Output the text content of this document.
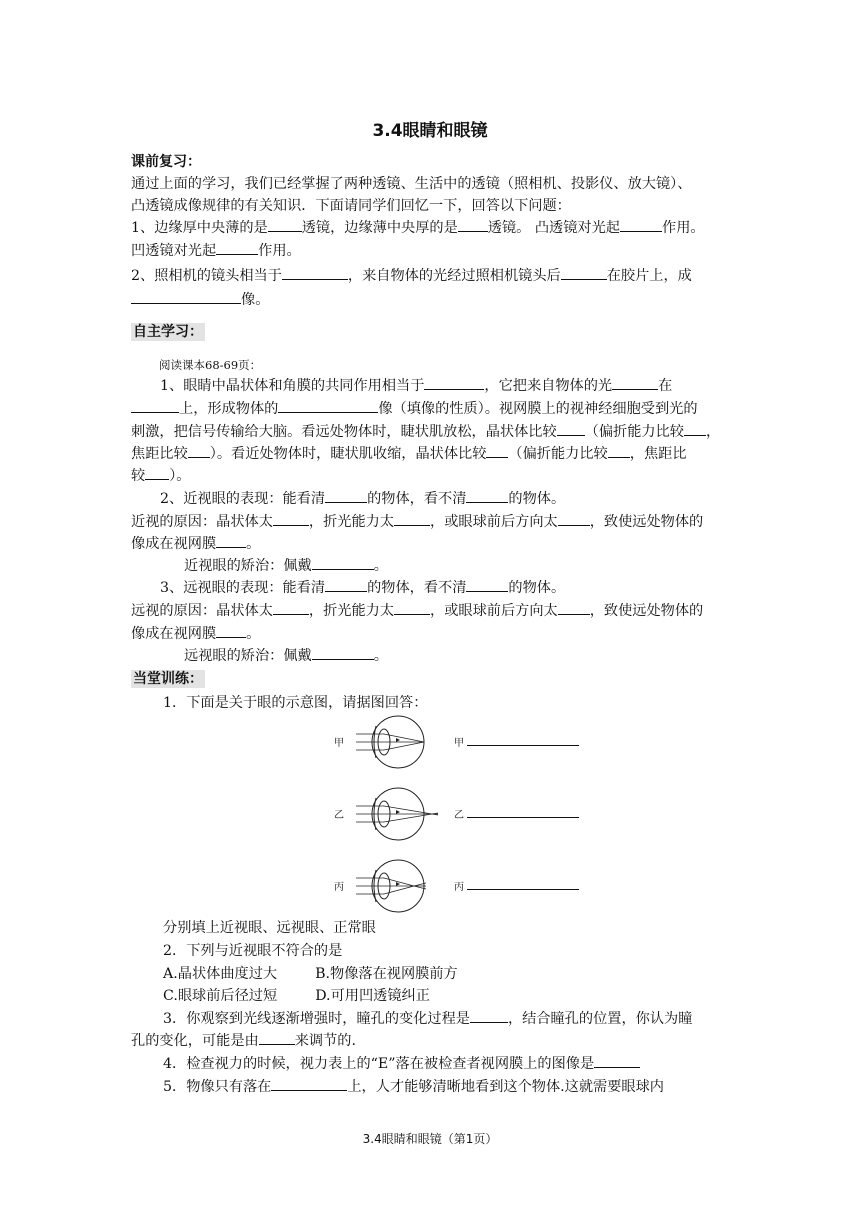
3.4眼睛和眼镜
课前复习：
通过上面的学习，我们已经掌握了两种透镜、生活中的透镜（照相机、投影仪、放大镜）、
凸透镜成像规律的有关知识．下面请同学们回忆一下，回答以下问题：
1、边缘厚中央薄的是 透镜，边缘薄中央厚的是 透镜。 凸透镜对光起	作用。
凹透镜对光起	作用。
2、照相机的镜头相当于	，来自物体的光经过照相机镜头后	在胶片上，成
像。
自主学习：
阅读课本68-69页：
1、眼睛中晶状体和角膜的共同作用相当于	，它把来自物体的光	在
上，形成物体的	像（填像的性质）。视网膜上的视神经细胞受到光的
刺激，把信号传输给大脑。看远处物体时，睫状肌放松，晶状体比较 （偏折能力比较 ，
焦距比较 ）。看近处物体时，睫状肌收缩，晶状体比较 （偏折能力比较 ，焦距比
较 ）。
2、近视眼的表现：能看清	的物体，看不清	的物体。
近视的原因：晶状体太	，折光能力太	，或眼球前后方向太 ，致使远处物体的
像成在视网膜 。
近视眼的矫治：佩戴	。
3、远视眼的表现：能看清	的物体，看不清	的物体。
远视的原因：晶状体太	，折光能力太	，或眼球前后方向太 ，致使远处物体的
像成在视网膜 。
远视眼的矫治：佩戴	。
当堂训练：
1．下面是关于眼的示意图，请据图回答：
甲	甲
乙	乙
丙	丙
分别填上近视眼、远视眼、正常眼
2．下列与近视眼不符合的是
A.晶状体曲度过大	B.物像落在视网膜前方
C.眼球前后径过短	D.可用凹透镜纠正
3．你观察到光线逐渐增强时，瞳孔的变化过程是	，结合瞳孔的位置，你认为瞳
孔的变化，可能是由	来调节的.
4．检查视力的时候，视力表上的“E”落在被检查者视网膜上的图像是
5．物像只有落在	上，人才能够清晰地看到这个物体.这就需要眼球内
3.4眼睛和眼镜（第1页）
